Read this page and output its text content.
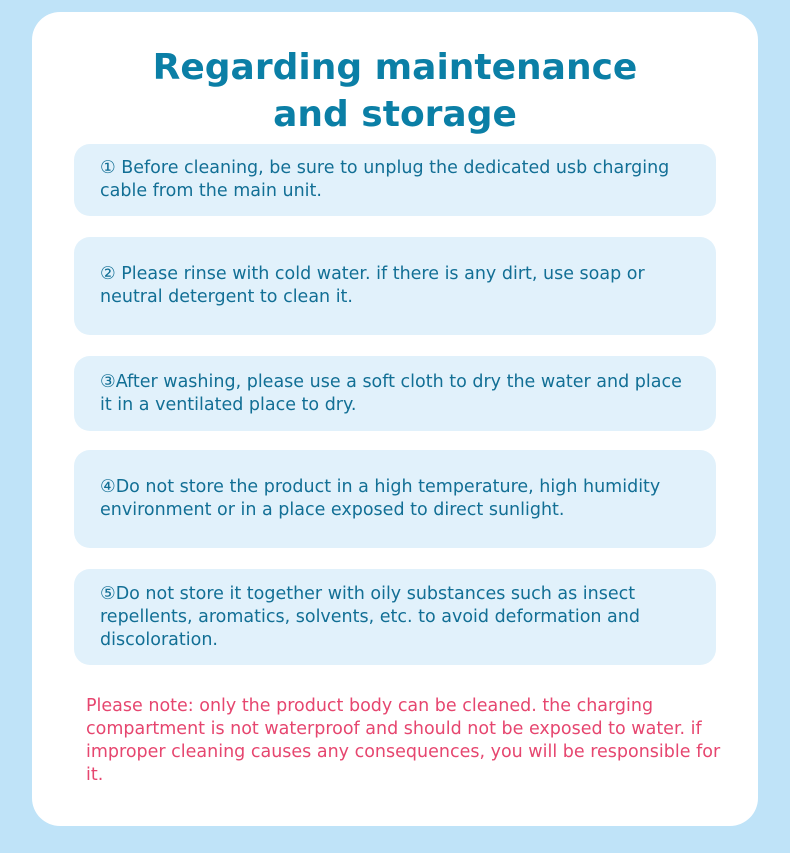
Regarding maintenance
and storage
① Before cleaning, be sure to unplug the dedicated usb charging cable from the main unit.
② Please rinse with cold water. if there is any dirt, use soap or neutral detergent to clean it.
③After washing, please use a soft cloth to dry the water and place it in a ventilated place to dry.
④Do not store the product in a high temperature, high humidity environment or in a place exposed to direct sunlight.
⑤Do not store it together with oily substances such as insect repellents, aromatics, solvents, etc. to avoid deformation and discoloration.

Please note: only the product body can be cleaned. the charging compartment is not waterproof and should not be exposed to water. if improper cleaning causes any consequences, you will be responsible for it.
